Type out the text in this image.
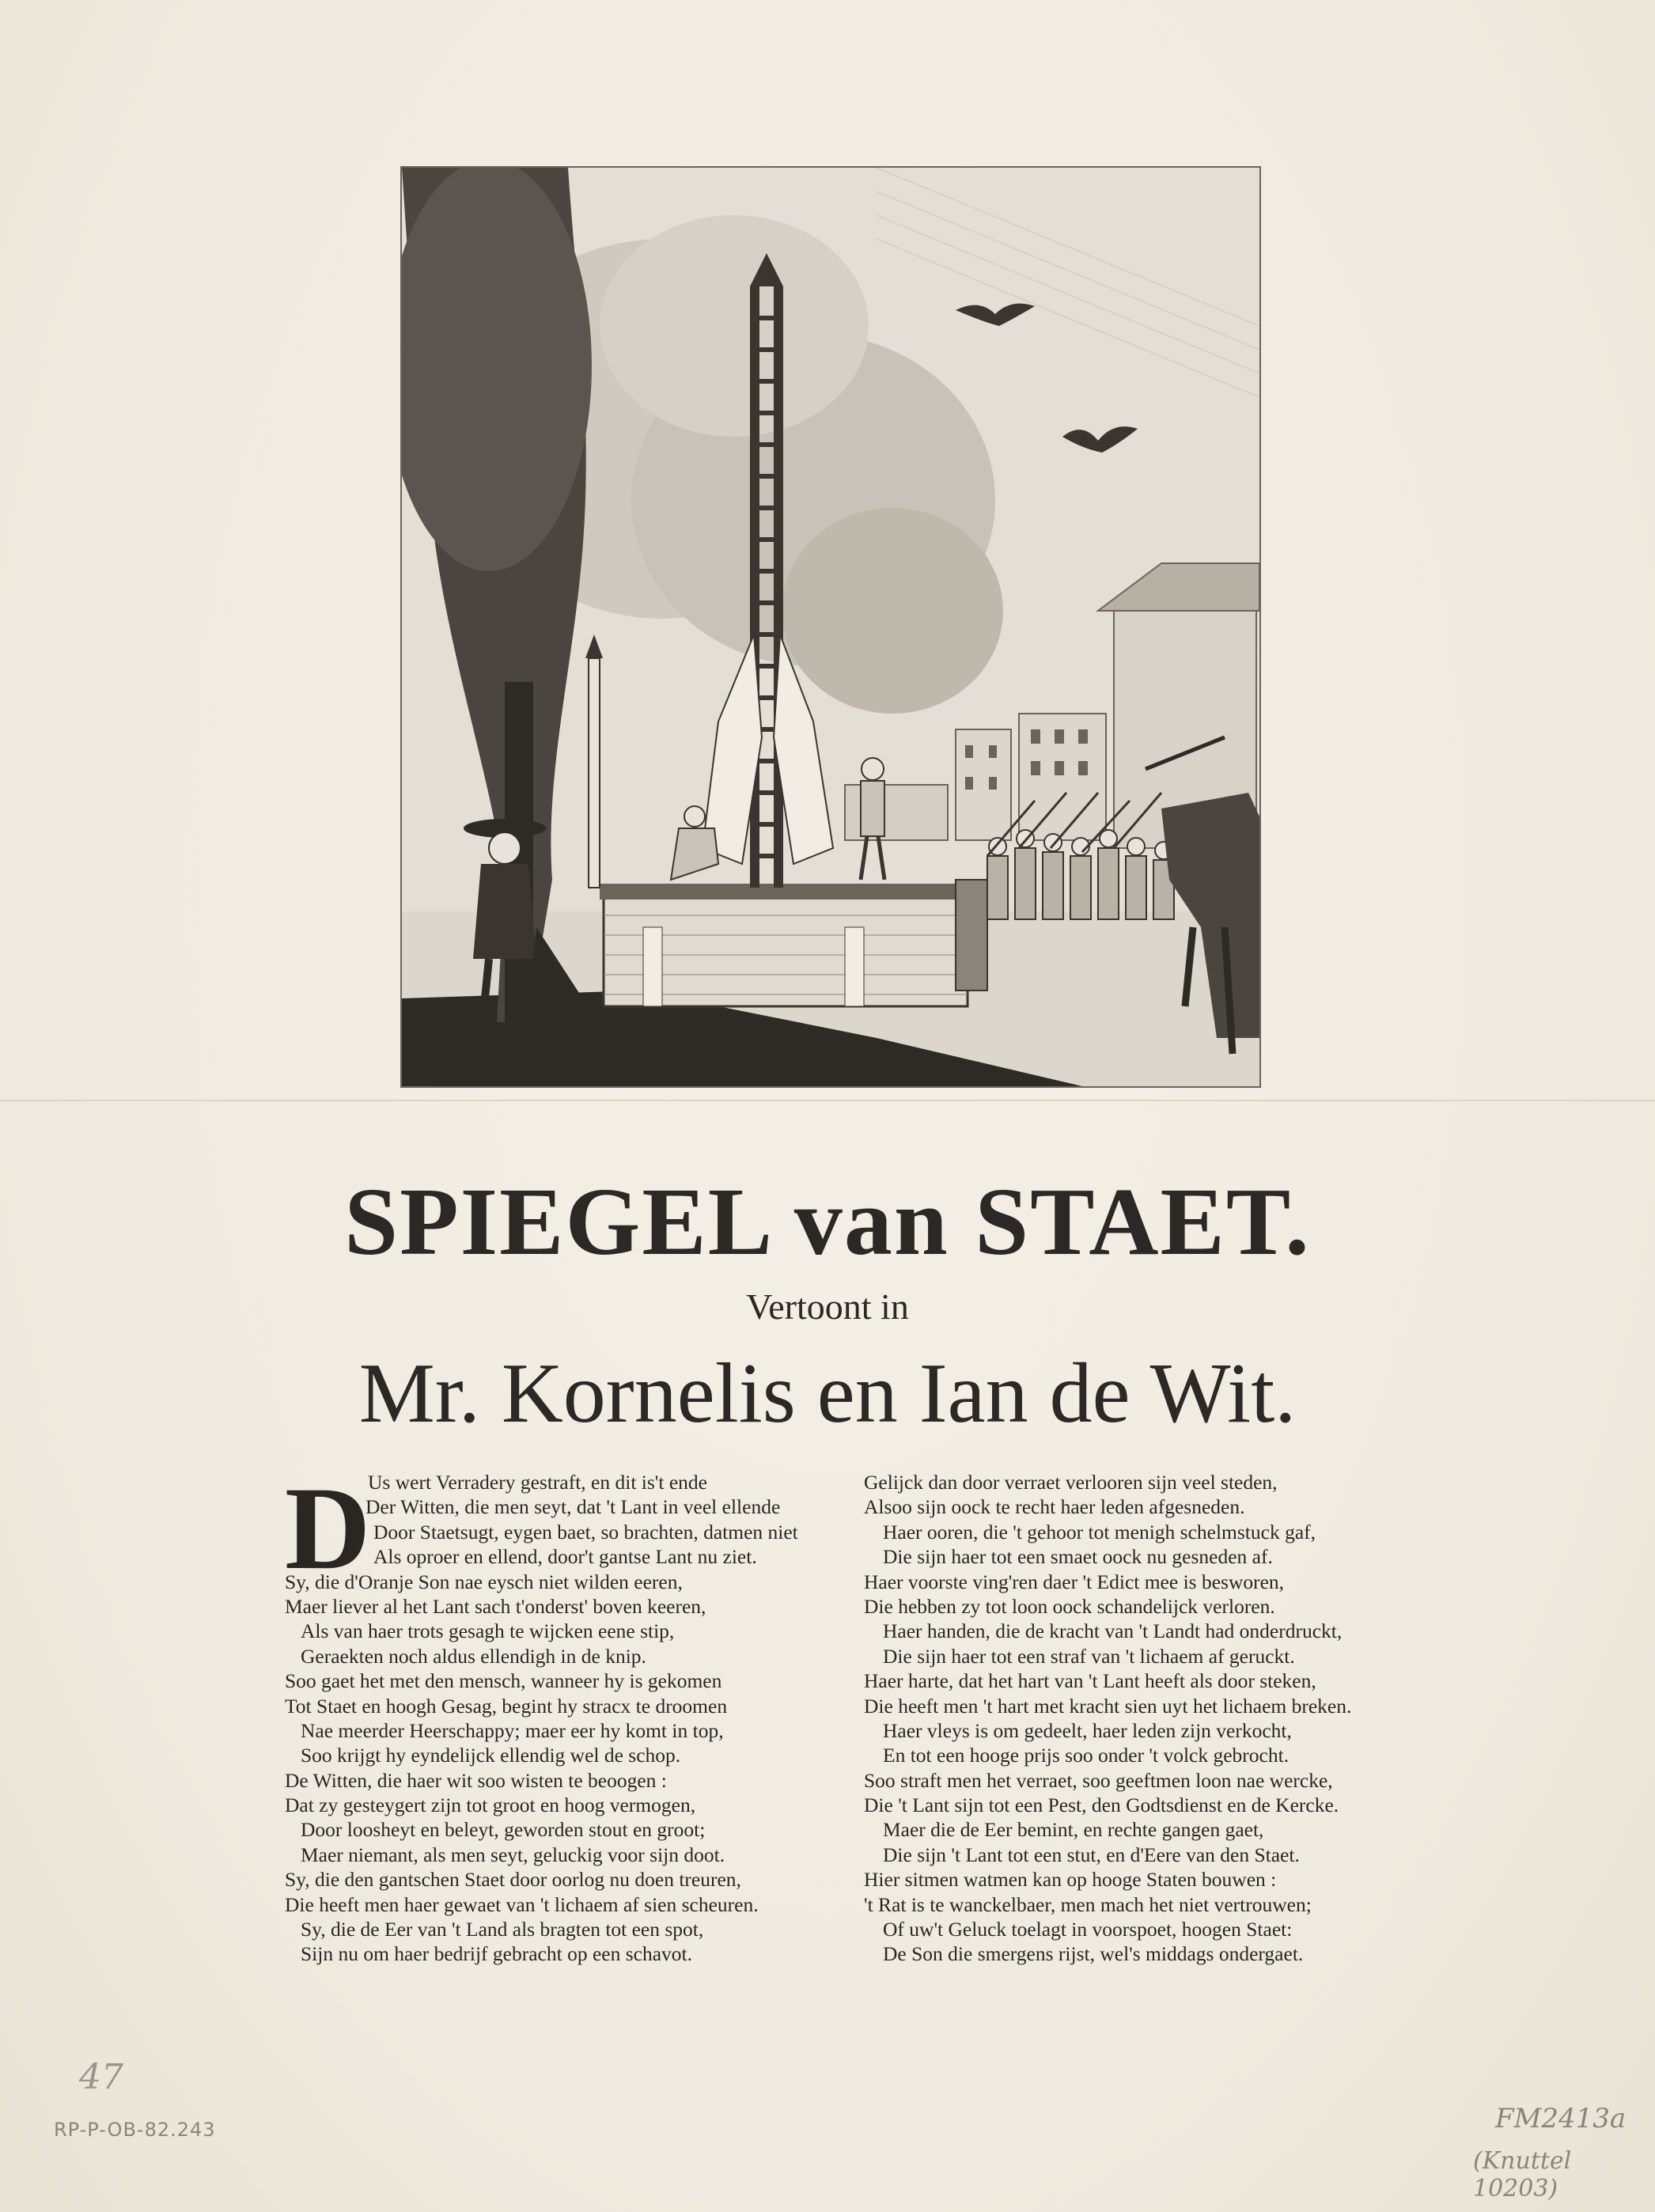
SPIEGEL van STAET.
Vertoont in
Mr. Kornelis en Ian de Wit.
D
Us wert Verradery gestraft, en dit is't ende
Der Witten, die men seyt, dat 't Lant in veel ellende
Door Staetsugt, eygen baet, so brachten, datmen niet
Als oproer en ellend, door't gantse Lant nu ziet.
Sy, die d'Oranje Son nae eysch niet wilden eeren,
Maer liever al het Lant sach t'onderst' boven keeren,
Als van haer trots gesagh te wijcken eene stip,
Geraekten noch aldus ellendigh in de knip.
Soo gaet het met den mensch, wanneer hy is gekomen
Tot Staet en hoogh Gesag, begint hy stracx te droomen
Nae meerder Heerschappy; maer eer hy komt in top,
Soo krijgt hy eyndelijck ellendig wel de schop.
De Witten, die haer wit soo wisten te beoogen :
Dat zy gesteygert zijn tot groot en hoog vermogen,
Door loosheyt en beleyt, geworden stout en groot;
Maer niemant, als men seyt, geluckig voor sijn doot.
Sy, die den gantschen Staet door oorlog nu doen treuren,
Die heeft men haer gewaet van 't lichaem af sien scheuren.
Sy, die de Eer van 't Land als bragten tot een spot,
Sijn nu om haer bedrijf gebracht op een schavot.
Gelijck dan door verraet verlooren sijn veel steden,
Alsoo sijn oock te recht haer leden afgesneden.
Haer ooren, die 't gehoor tot menigh schelmstuck gaf,
Die sijn haer tot een smaet oock nu gesneden af.
Haer voorste ving'ren daer 't Edict mee is besworen,
Die hebben zy tot loon oock schandelijck verloren.
Haer handen, die de kracht van 't Landt had onderdruckt,
Die sijn haer tot een straf van 't lichaem af geruckt.
Haer harte, dat het hart van 't Lant heeft als door steken,
Die heeft men 't hart met kracht sien uyt het lichaem breken.
Haer vleys is om gedeelt, haer leden zijn verkocht,
En tot een hooge prijs soo onder 't volck gebrocht.
Soo straft men het verraet, soo geeftmen loon nae wercke,
Die 't Lant sijn tot een Pest, den Godtsdienst en de Kercke.
Maer die de Eer bemint, en rechte gangen gaet,
Die sijn 't Lant tot een stut, en d'Eere van den Staet.
Hier sitmen watmen kan op hooge Staten bouwen :
't Rat is te wanckelbaer, men mach het niet vertrouwen;
Of uw't Geluck toelagt in voorspoet, hoogen Staet:
De Son die smergens rijst, wel's middags ondergaet.
47
RP-P-OB-82.243	FM2413a
(Knuttel 10203)
